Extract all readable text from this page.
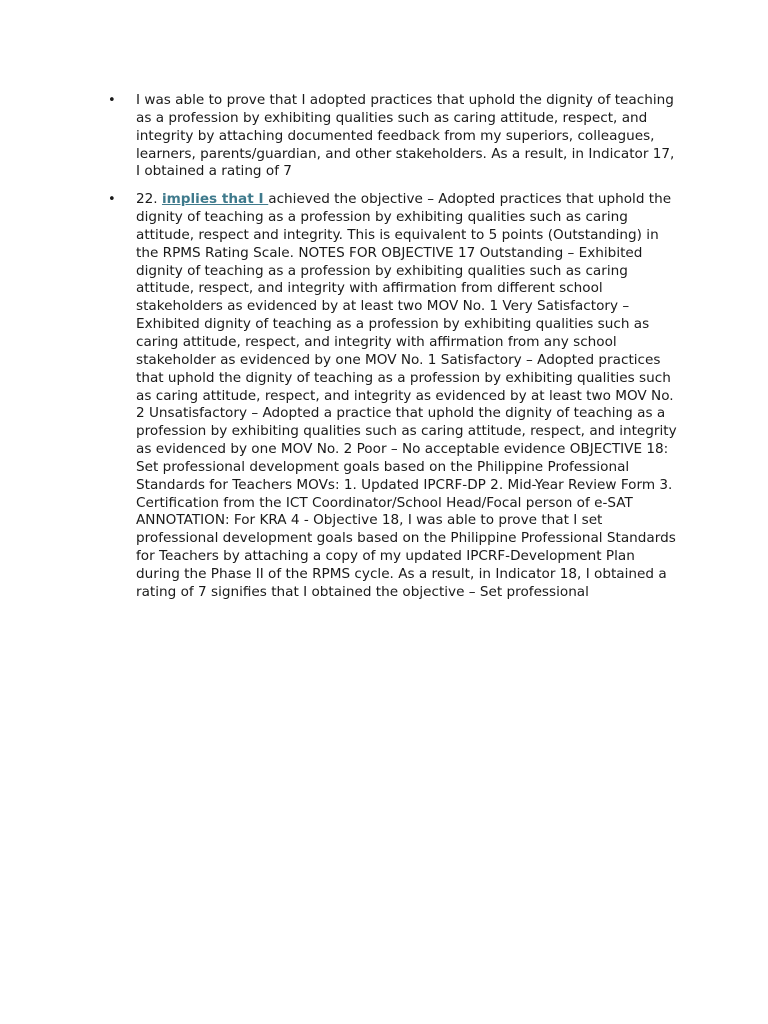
• I was able to prove that I adopted practices that uphold the dignity of teaching as a profession by exhibiting qualities such as caring attitude, respect, and integrity by attaching documented feedback from my superiors, colleagues, learners, parents/guardian, and other stakeholders. As a result, in Indicator 17, I obtained a rating of 7
• 22. implies that I achieved the objective – Adopted practices that uphold the dignity of teaching as a profession by exhibiting qualities such as caring attitude, respect and integrity. This is equivalent to 5 points (Outstanding) in the RPMS Rating Scale. NOTES FOR OBJECTIVE 17 Outstanding – Exhibited dignity of teaching as a profession by exhibiting qualities such as caring attitude, respect, and integrity with affirmation from different school stakeholders as evidenced by at least two MOV No. 1 Very Satisfactory – Exhibited dignity of teaching as a profession by exhibiting qualities such as caring attitude, respect, and integrity with affirmation from any school stakeholder as evidenced by one MOV No. 1 Satisfactory – Adopted practices that uphold the dignity of teaching as a profession by exhibiting qualities such as caring attitude, respect, and integrity as evidenced by at least two MOV No. 2 Unsatisfactory – Adopted a practice that uphold the dignity of teaching as a profession by exhibiting qualities such as caring attitude, respect, and integrity as evidenced by one MOV No. 2 Poor – No acceptable evidence OBJECTIVE 18: Set professional development goals based on the Philippine Professional Standards for Teachers MOVs: 1. Updated IPCRF-DP 2. Mid-Year Review Form 3. Certification from the ICT Coordinator/School Head/Focal person of e-SAT ANNOTATION: For KRA 4 - Objective 18, I was able to prove that I set professional development goals based on the Philippine Professional Standards for Teachers by attaching a copy of my updated IPCRF-Development Plan during the Phase II of the RPMS cycle. As a result, in Indicator 18, I obtained a rating of 7 signifies that I obtained the objective – Set professional
